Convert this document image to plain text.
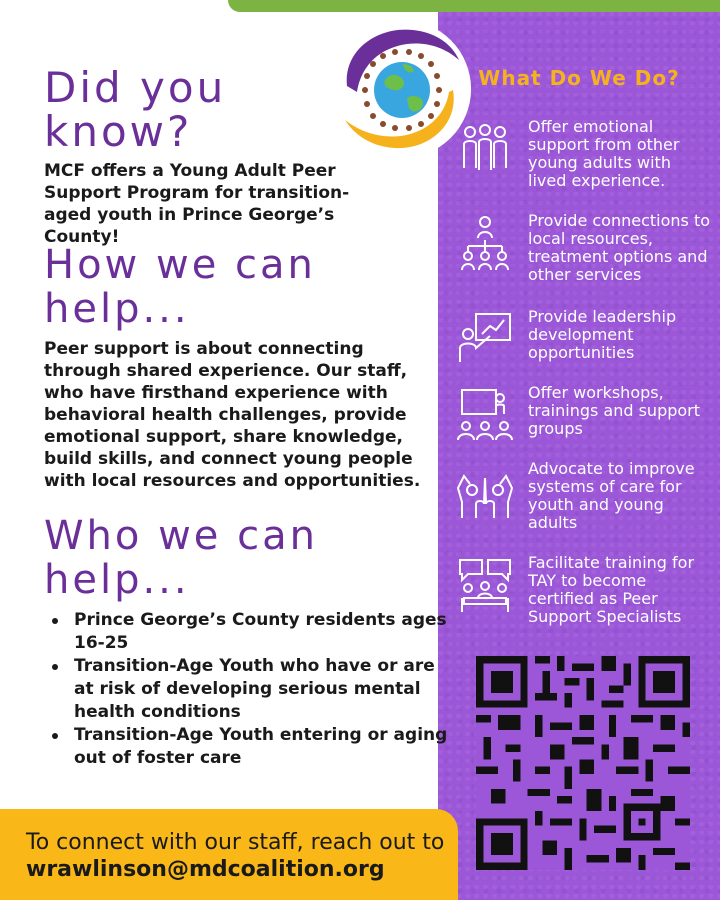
Did you know?

MCF offers a Young Adult Peer Support Program for transition-aged youth in Prince George’s County!

How we can help...

Peer support is about connecting through shared experience. Our staff, who have firsthand experience with behavioral health challenges, provide emotional support, share knowledge, build skills, and connect young people with local resources and opportunities.

Who we can help...
Prince George’s County residents ages 16-25
Transition-Age Youth who have or are at risk of developing serious mental health conditions
Transition-Age Youth entering or aging out of foster care

To connect with our staff, reach out to wrawlinson@mdcoalition.org

What Do We Do?

Offer emotional support from other young adults with lived experience.

Provide connections to local resources, treatment options and other services

Provide leadership development opportunities

Offer workshops, trainings and support groups

Advocate to improve systems of care for youth and young adults

Facilitate training for TAY to become certified as Peer Support Specialists
